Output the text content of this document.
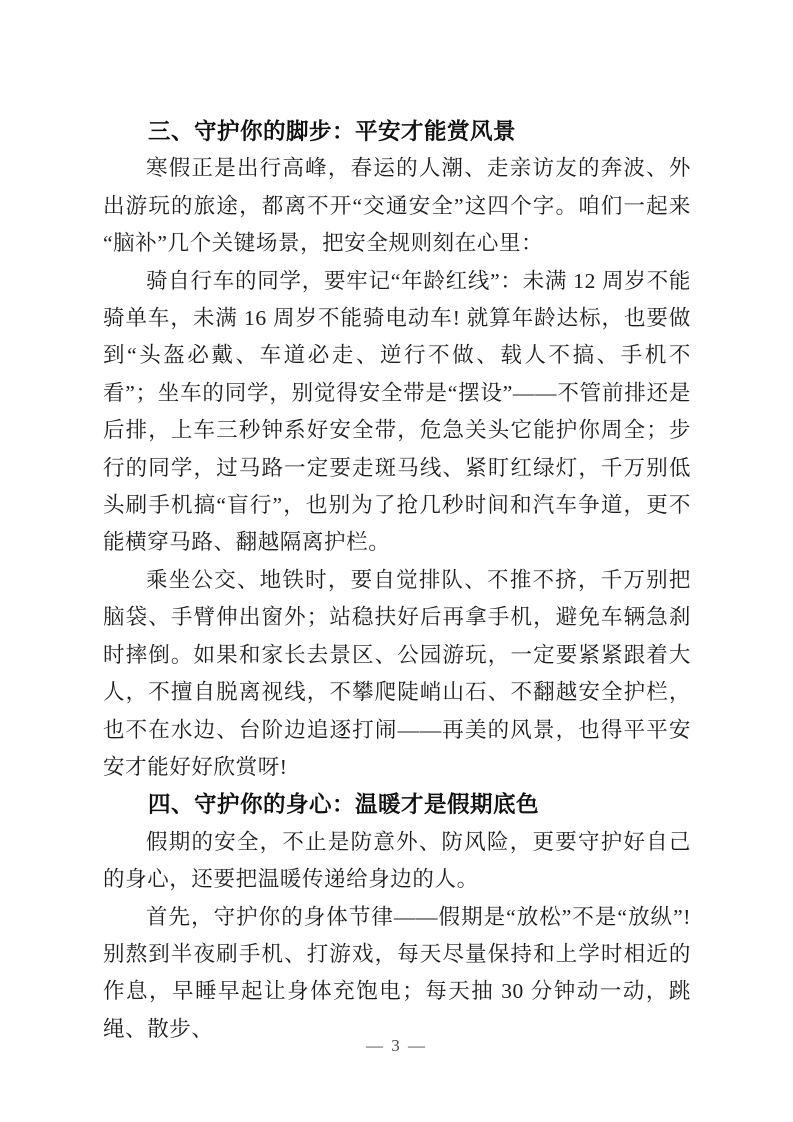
三、守护你的脚步：平安才能赏风景

寒假正是出行高峰，春运的人潮、走亲访友的奔波、外出游玩的旅途，都离不开“交通安全”这四个字。咱们一起来“脑补”几个关键场景，把安全规则刻在心里：

骑自行车的同学，要牢记“年龄红线”：未满 12 周岁不能骑单车，未满 16 周岁不能骑电动车! 就算年龄达标，也要做到“头盔必戴、车道必走、逆行不做、载人不搞、手机不看”；坐车的同学，别觉得安全带是“摆设”——不管前排还是后排，上车三秒钟系好安全带，危急关头它能护你周全；步行的同学，过马路一定要走斑马线、紧盯红绿灯，千万别低头刷手机搞“盲行”，也别为了抢几秒时间和汽车争道，更不能横穿马路、翻越隔离护栏。

乘坐公交、地铁时，要自觉排队、不推不挤，千万别把脑袋、手臂伸出窗外；站稳扶好后再拿手机，避免车辆急刹时摔倒。如果和家长去景区、公园游玩，一定要紧紧跟着大人，不擅自脱离视线，不攀爬陡峭山石、不翻越安全护栏，也不在水边、台阶边追逐打闹——再美的风景，也得平平安安才能好好欣赏呀!

四、守护你的身心：温暖才是假期底色

假期的安全，不止是防意外、防风险，更要守护好自己的身心，还要把温暖传递给身边的人。

首先，守护你的身体节律——假期是“放松”不是“放纵”! 别熬到半夜刷手机、打游戏，每天尽量保持和上学时相近的作息，早睡早起让身体充饱电；每天抽 30 分钟动一动，跳绳、散步、

— 3 —
